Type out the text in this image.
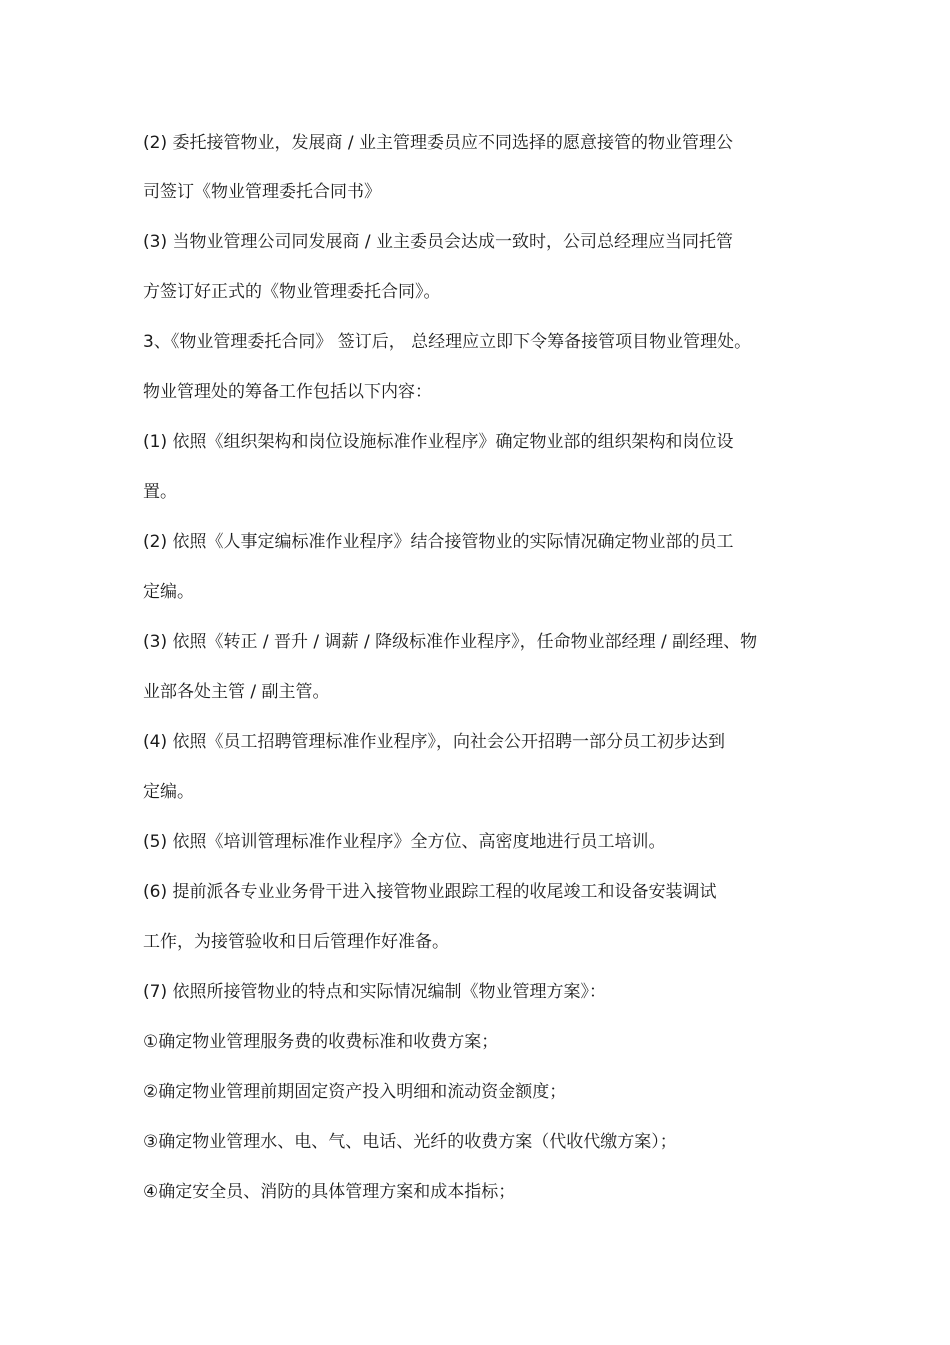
(2) 委托接管物业，发展商 / 业主管理委员应不同选择的愿意接管的物业管理公
司签订《物业管理委托合同书》
(3) 当物业管理公司同发展商 / 业主委员会达成一致时，公司总经理应当同托管
方签订好正式的《物业管理委托合同》。
3、《物业管理委托合同》 签订后， 总经理应立即下令筹备接管项目物业管理处。
物业管理处的筹备工作包括以下内容：
(1) 依照《组织架构和岗位设施标准作业程序》确定物业部的组织架构和岗位设
置。
(2) 依照《人事定编标准作业程序》结合接管物业的实际情况确定物业部的员工
定编。
(3) 依照《转正 / 晋升 / 调薪 / 降级标准作业程序》，任命物业部经理 / 副经理、物
业部各处主管 / 副主管。
(4) 依照《员工招聘管理标准作业程序》，向社会公开招聘一部分员工初步达到
定编。
(5) 依照《培训管理标准作业程序》全方位、高密度地进行员工培训。
(6) 提前派各专业业务骨干进入接管物业跟踪工程的收尾竣工和设备安装调试
工作，为接管验收和日后管理作好准备。
(7) 依照所接管物业的特点和实际情况编制《物业管理方案》：
①确定物业管理服务费的收费标准和收费方案；
②确定物业管理前期固定资产投入明细和流动资金额度；
③确定物业管理水、电、气、电话、光纤的收费方案（代收代缴方案）；
④确定安全员、消防的具体管理方案和成本指标；
